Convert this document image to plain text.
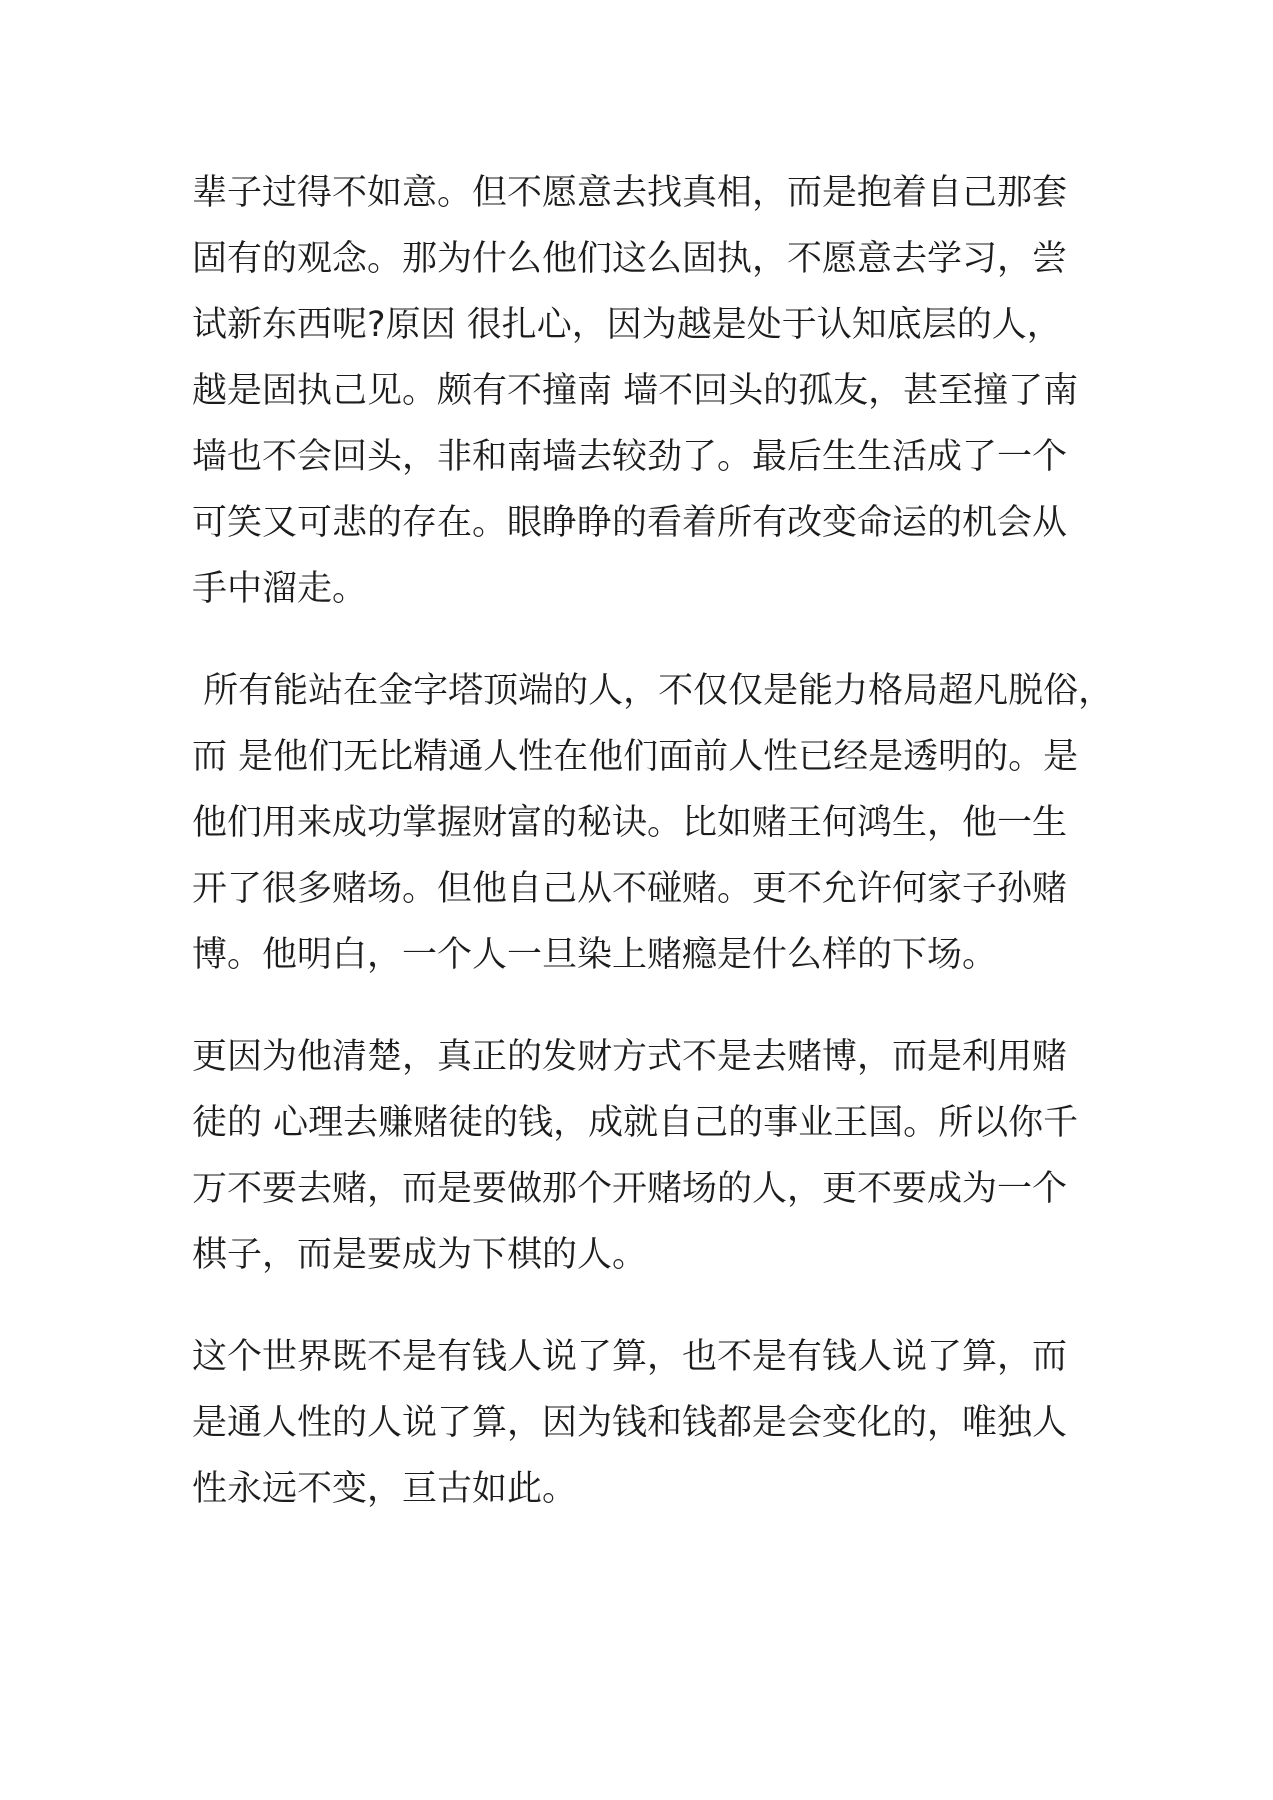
辈子过得不如意。但不愿意去找真相，而是抱着自己那套
固有的观念。那为什么他们这么固执，不愿意去学习，尝
试新东西呢?原因 很扎心，因为越是处于认知底层的人，
越是固执己见。颇有不撞南 墙不回头的孤友，甚至撞了南
墙也不会回头，非和南墙去较劲了。最后生生活成了一个
可笑又可悲的存在。眼睁睁的看着所有改变命运的机会从
手中溜走。
所有能站在金字塔顶端的人，不仅仅是能力格局超凡脱俗，
而 是他们无比精通人性在他们面前人性已经是透明的。是
他们用来成功掌握财富的秘诀。比如赌王何鸿生，他一生
开了很多赌场。但他自己从不碰赌。更不允许何家子孙赌
博。他明白，一个人一旦染上赌瘾是什么样的下场。
更因为他清楚，真正的发财方式不是去赌博，而是利用赌
徒的 心理去赚赌徒的钱，成就自己的事业王国。所以你千
万不要去赌，而是要做那个开赌场的人，更不要成为一个
棋子，而是要成为下棋的人。
这个世界既不是有钱人说了算，也不是有钱人说了算，而
是通人性的人说了算，因为钱和钱都是会变化的，唯独人
性永远不变，亘古如此。
